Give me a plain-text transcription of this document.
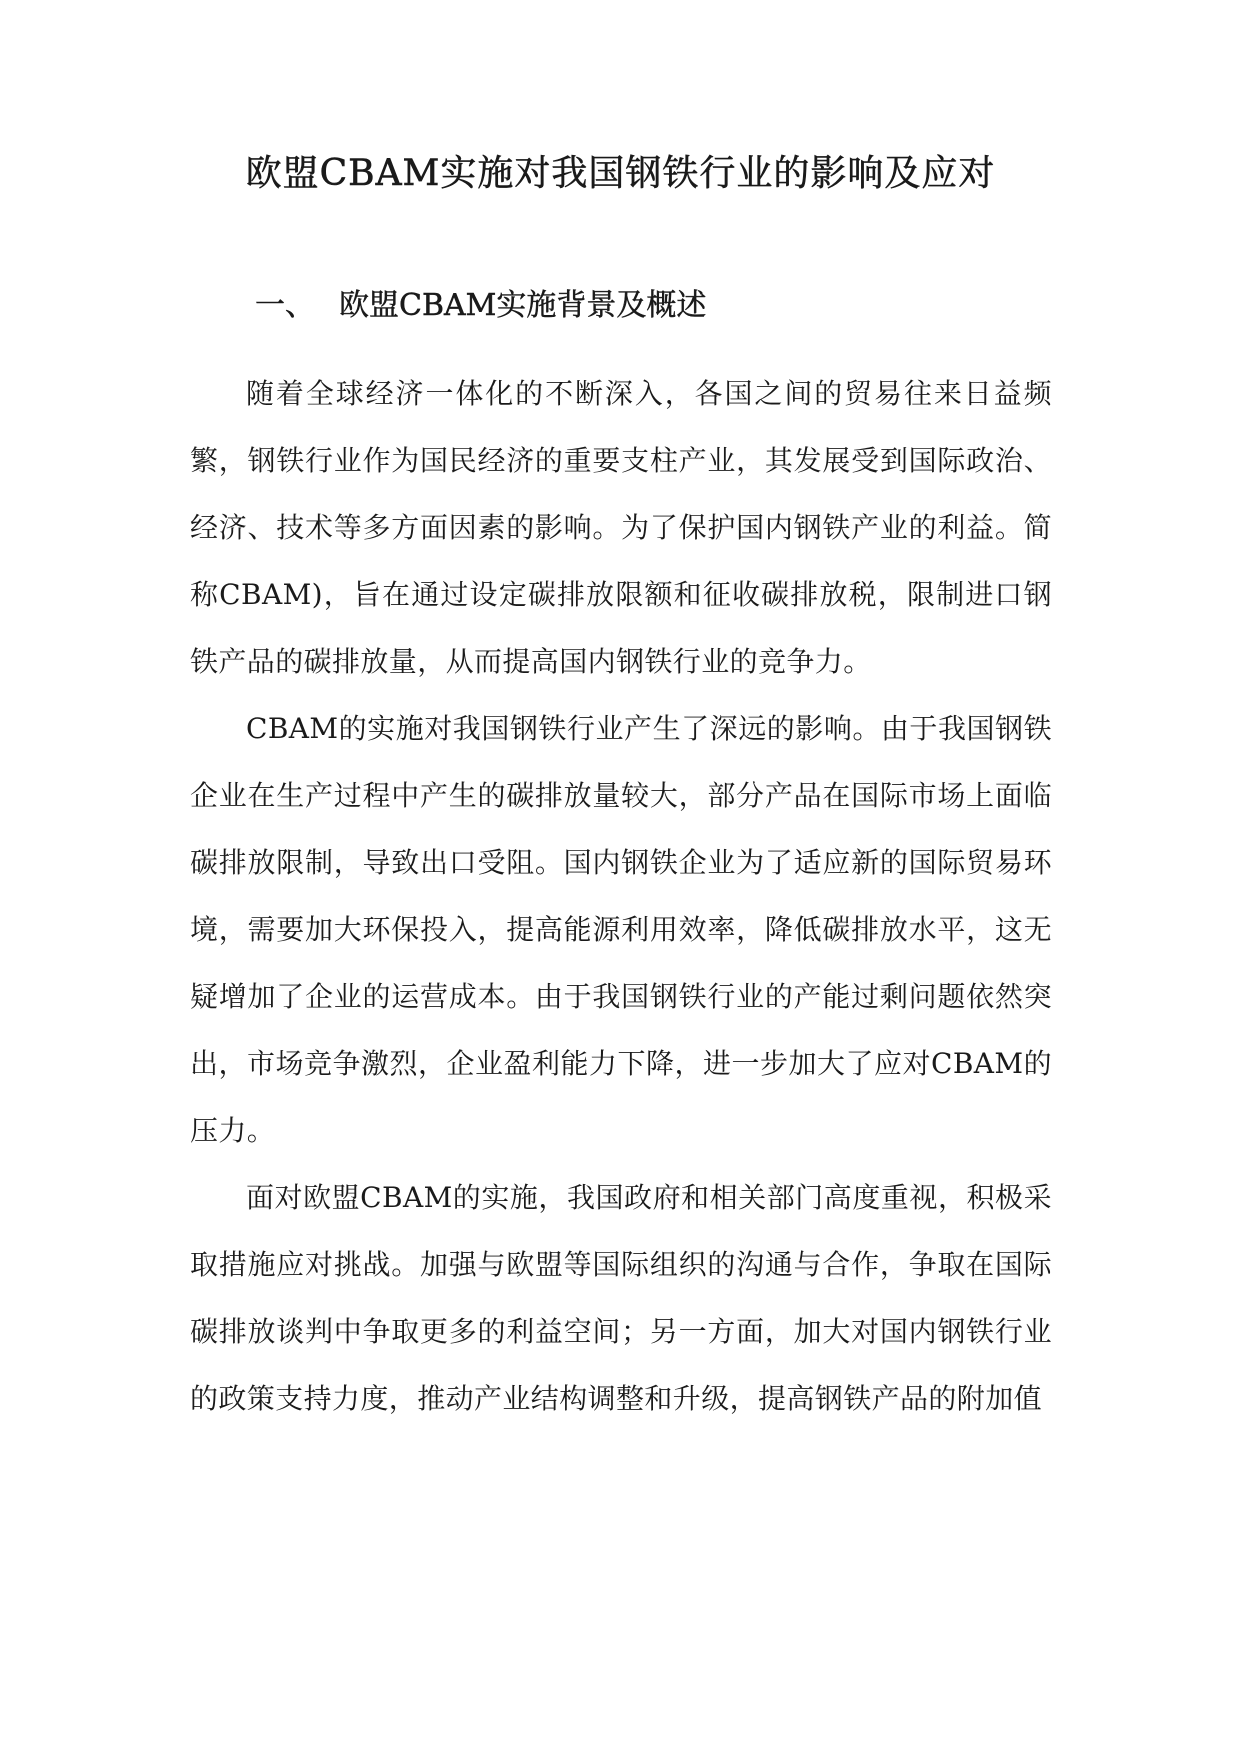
欧盟CBAM实施对我国钢铁行业的影响及应对
一、 欧盟CBAM实施背景及概述

随着全球经济一体化的不断深入，各国之间的贸易往来日益频繁，钢铁行业作为国民经济的重要支柱产业，其发展受到国际政治、经济、技术等多方面因素的影响。为了保护国内钢铁产业的利益。简称CBAM)，旨在通过设定碳排放限额和征收碳排放税，限制进口钢铁产品的碳排放量，从而提高国内钢铁行业的竞争力。

CBAM的实施对我国钢铁行业产生了深远的影响。由于我国钢铁企业在生产过程中产生的碳排放量较大，部分产品在国际市场上面临碳排放限制，导致出口受阻。国内钢铁企业为了适应新的国际贸易环境，需要加大环保投入，提高能源利用效率，降低碳排放水平，这无疑增加了企业的运营成本。由于我国钢铁行业的产能过剩问题依然突出，市场竞争激烈，企业盈利能力下降，进一步加大了应对CBAM的压力。

面对欧盟CBAM的实施，我国政府和相关部门高度重视，积极采取措施应对挑战。加强与欧盟等国际组织的沟通与合作，争取在国际碳排放谈判中争取更多的利益空间；另一方面，加大对国内钢铁行业的政策支持力度，推动产业结构调整和升级，提高钢铁产品的附加值
